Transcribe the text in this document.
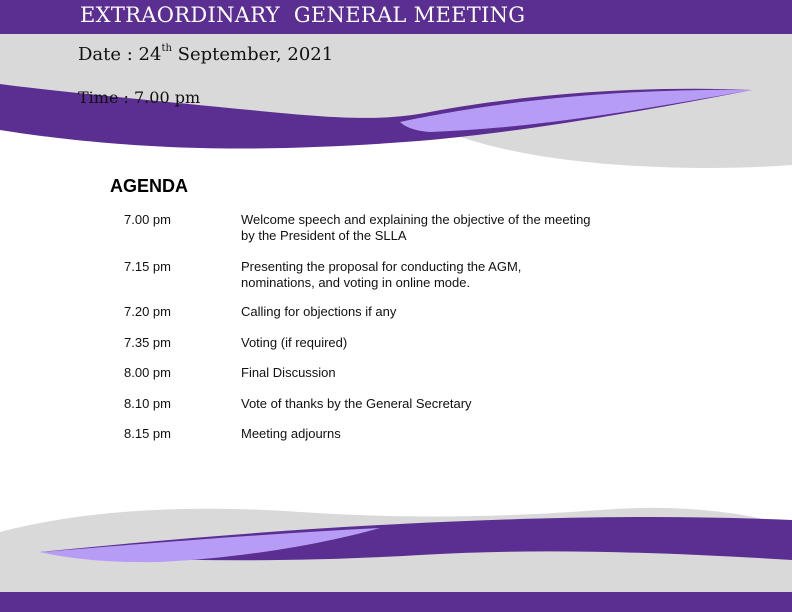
EXTRAORDINARY  GENERAL MEETING
Date : 24th September, 2021
Time : 7.00 pm
AGENDA
7.00 pm	Welcome speech and explaining the objective of the meeting
by the President of the SLLA
7.15 pm	Presenting the proposal for conducting the AGM,
nominations, and voting in online mode.
7.20 pm	Calling for objections if any
7.35 pm	Voting (if required)
8.00 pm	Final Discussion
8.10 pm	Vote of thanks by the General Secretary
8.15 pm	Meeting adjourns
